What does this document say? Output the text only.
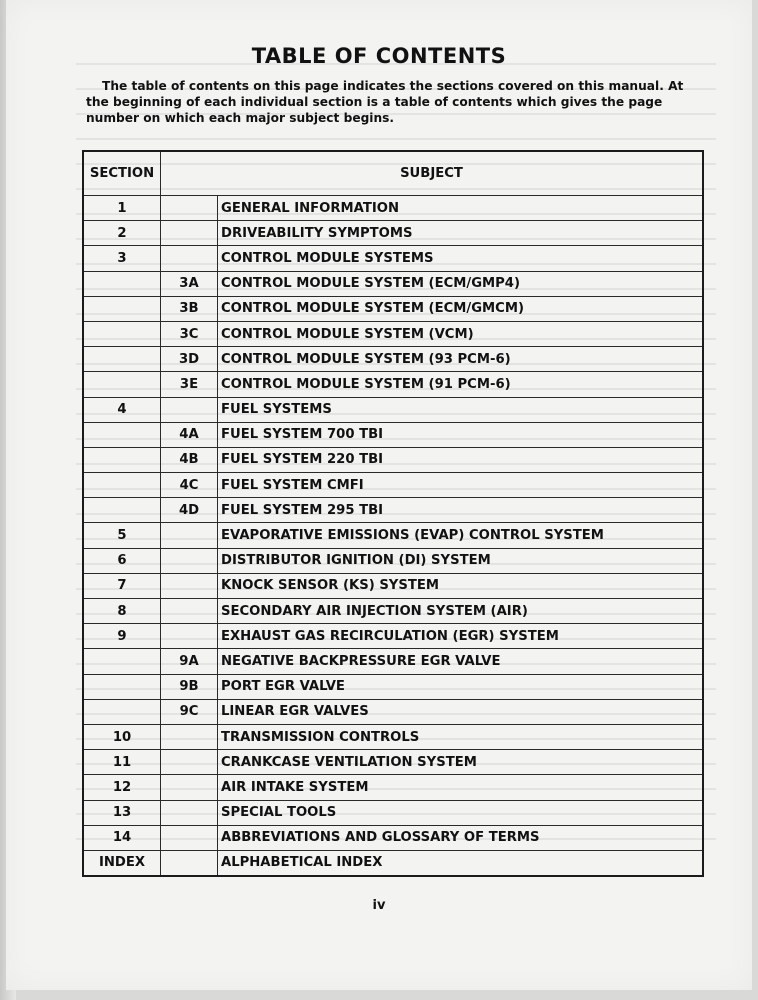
TABLE OF CONTENTS

The table of contents on this page indicates the sections covered on this manual. At the beginning of each individual section is a table of contents which gives the page number on which each major subject begins.

SECTION	SUBJECT	
1		GENERAL INFORMATION
2		DRIVEABILITY SYMPTOMS
3		CONTROL MODULE SYSTEMS
	3A	CONTROL MODULE SYSTEM (ECM/GMP4)
	3B	CONTROL MODULE SYSTEM (ECM/GMCM)
	3C	CONTROL MODULE SYSTEM (VCM)
	3D	CONTROL MODULE SYSTEM (93 PCM-6)
	3E	CONTROL MODULE SYSTEM (91 PCM-6)
4		FUEL SYSTEMS
	4A	FUEL SYSTEM 700 TBI
	4B	FUEL SYSTEM 220 TBI
	4C	FUEL SYSTEM CMFI
	4D	FUEL SYSTEM 295 TBI
5		EVAPORATIVE EMISSIONS (EVAP) CONTROL SYSTEM
6		DISTRIBUTOR IGNITION (DI) SYSTEM
7		KNOCK SENSOR (KS) SYSTEM
8		SECONDARY AIR INJECTION SYSTEM (AIR)
9		EXHAUST GAS RECIRCULATION (EGR) SYSTEM
	9A	NEGATIVE BACKPRESSURE EGR VALVE
	9B	PORT EGR VALVE
	9C	LINEAR EGR VALVES
10		TRANSMISSION CONTROLS
11		CRANKCASE VENTILATION SYSTEM
12		AIR INTAKE SYSTEM
13		SPECIAL TOOLS
14		ABBREVIATIONS AND GLOSSARY OF TERMS
INDEX		ALPHABETICAL INDEX
iv
